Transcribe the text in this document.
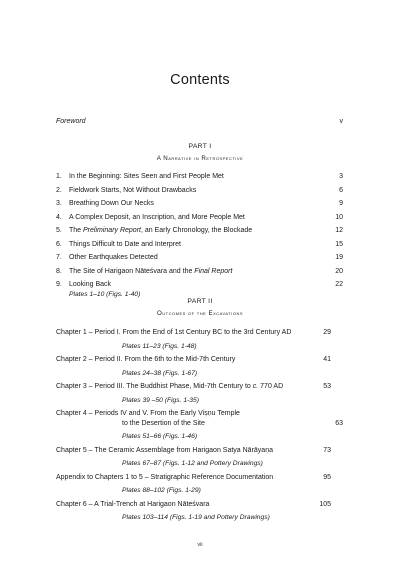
Contents
Foreword	v
PART I
A Narrative in Retrospective
1.	In the Beginning: Sites Seen and First People Met	3
2.	Fieldwork Starts, Not Without Drawbacks	6
3.	Breathing Down Our Necks	9
4.	A Complex Deposit, an Inscription, and More People Met	10
5.	The Preliminary Report, an Early Chronology, the Blockade	12
6.	Things Difficult to Date and Interpret	15
7.	Other Earthquakes Detected	19
8.	The Site of Harigaon Nāteśvara and the Final Report	20
9.	Looking Back	22
Plates 1–10 (Figs. 1-40)
PART II
Outcomes of the Excavations
Chapter 1 – Period I. From the End of 1st Century BC to the 3rd Century AD	29
Plates 11–23 (Figs. 1-48)
Chapter 2 – Period II. From the 6th to the Mid-7th Century	41
Plates 24–38 (Figs. 1-67)
Chapter 3 – Period III. The Buddhist Phase, Mid-7th Century to c. 770 AD	53
Plates 39 –50 (Figs. 1-35)
Chapter 4 – Periods IV and V. From the Early Viṣṇu Temple
to the Desertion of the Site	63
Plates 51–66 (Figs. 1-46)
Chapter 5 – The Ceramic Assemblage from Harigaon Satya Nārāyaṇa	73
Plates 67–87 (Figs. 1-12 and Pottery Drawings)
Appendix to Chapters 1 to 5 – Stratigraphic Reference Documentation	95
Plates 88–102 (Figs. 1-29)
Chapter 6 – A Trial-Trench at Harigaon Nāteśvara	105
Plates 103–114 (Figs. 1-19 and Pottery Drawings)
vii
